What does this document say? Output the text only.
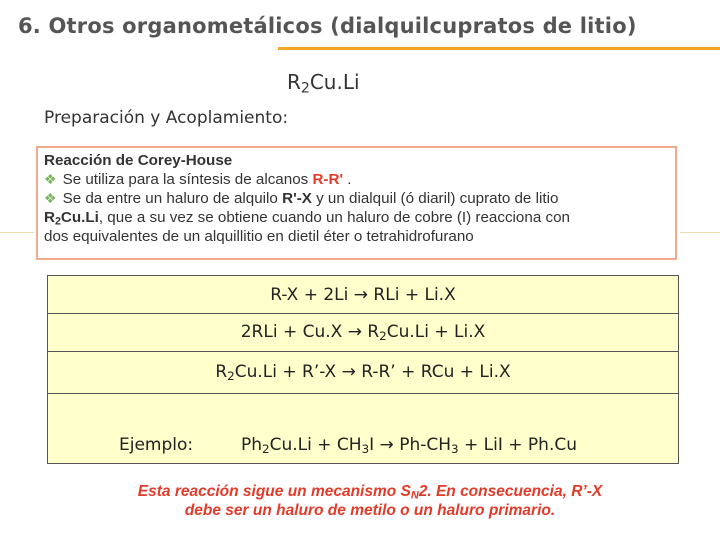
6. Otros organometálicos (dialquilcupratos de litio)
$R_2Cu.Li$
Preparación y Acoplamiento:
Reacción de Corey-House
❖ Se utiliza para la síntesis de alcanos R-R' .
❖ Se da entre un haluro de alquilo R'-X y un dialquil (ó diaril) cuprato de litio
$R_2Cu.Li$, que a su vez se obtiene cuando un haluro de cobre (I) reacciona con
dos equivalentes de un alquillitio en dietil éter o tetrahidrofurano
R-X + 2Li → RLi + Li.X
$2RLi + Cu.X \to R_2Cu.Li + Li.X$
$R_2Cu.Li$ + R’-X → R-R’ + RCu + Li.X
Ejemplo:	$Ph_2Cu.Li + CH_3I \to Ph-CH_3$ + LiI + Ph.Cu
Esta reacción sigue un mecanismo $S_N2$. En consecuencia, R’-X
debe ser un haluro de metilo o un haluro primario.
